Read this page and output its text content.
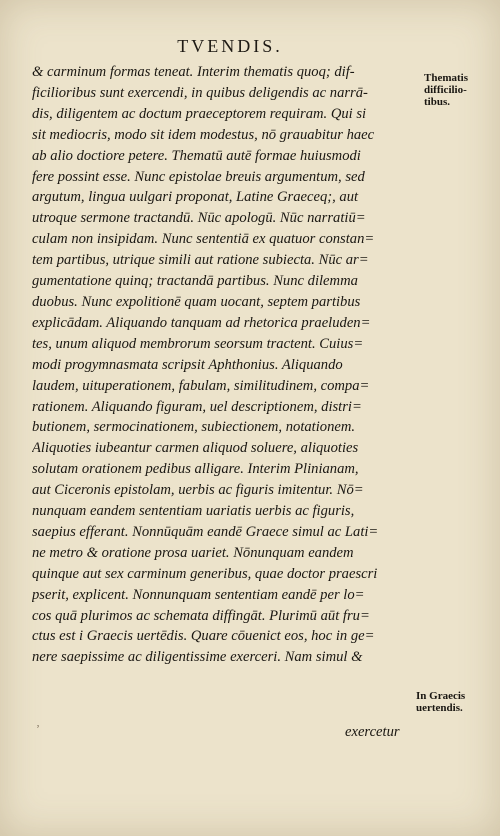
TVENDIS.
& carminum formas teneat. Interim thematis quoq; dif-
ficilioribus sunt exercendi, in quibus deligendis ac narrā-
dis, diligentem ac doctum praeceptorem requiram. Qui si
sit mediocris, modo sit idem modestus, nō grauabitur haec
ab alio doctiore petere. Thematū autē formae huiusmodi
fere possint esse. Nunc epistolae breuis argumentum, sed
argutum, lingua uulgari proponat, Latine Graeceq;, aut
utroque sermone tractandū. Nūc apologū. Nūc narratiū=
culam non insipidam. Nunc sententiā ex quatuor constan=
tem partibus, utrique simili aut ratione subiecta. Nūc ar=
gumentatione quinq; tractandā partibus. Nunc dilemma
duobus. Nunc expolitionē quam uocant, septem partibus
explicādam. Aliquando tanquam ad rhetorica praeluden=
tes, unum aliquod membrorum seorsum tractent. Cuius=
modi progymnasmata scripsit Aphthonius. Aliquando
laudem, uituperationem, fabulam, similitudinem, compa=
rationem. Aliquando figuram, uel descriptionem, distri=
butionem, sermocinationem, subiectionem, notationem.
Aliquoties iubeantur carmen aliquod soluere, aliquoties
solutam orationem pedibus alligare. Interim Plinianam,
aut Ciceronis epistolam, uerbis ac figuris imitentur. Nō=
nunquam eandem sententiam uariatis uerbis ac figuris,
saepius efferant. Nonnūquām eandē Graece simul ac Lati=
ne metro & oratione prosa uariet. Nōnunquam eandem
quinque aut sex carminum generibus, quae doctor praescri
pserit, explicent. Nonnunquam sententiam eandē per lo=
cos quā plurimos ac schemata diffingāt. Plurimū aūt fru=
ctus est i Graecis uertēdis. Quare cōuenict eos, hoc in ge=
nere saepissime ac diligentissime exerceri. Nam simul &
Thematis
difficilio-
tibus.
In Graecis
uertendis.
ʼ	exercetur
